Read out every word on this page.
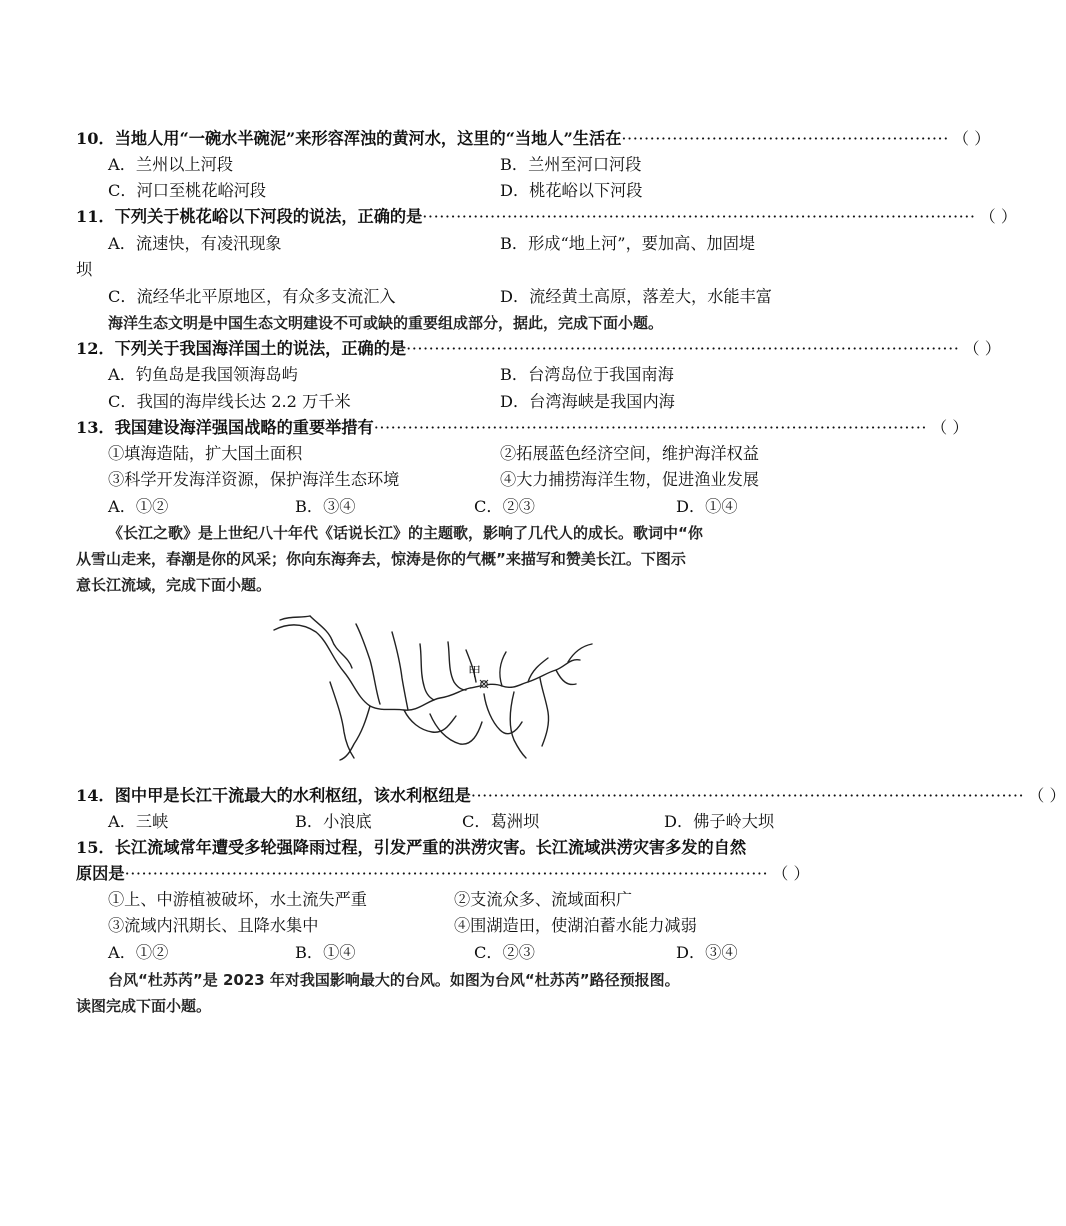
10．当地人用“一碗水半碗泥”来形容浑浊的黄河水，这里的“当地人”生活在 ·························································· （ ）
A．兰州以上河段	B．兰州至河口河段
C．河口至桃花峪河段	D．桃花峪以下河段
11．下列关于桃花峪以下河段的说法，正确的是 ·································································································· （ ）
A．流速快，有凌汛现象	B．形成“地上河”，要加高、加固堤
坝
C．流经华北平原地区，有众多支流汇入	D．流经黄土高原，落差大，水能丰富
海洋生态文明是中国生态文明建设不可或缺的重要组成部分，据此，完成下面小题。
12．下列关于我国海洋国土的说法，正确的是 ·································································································· （ ）
A．钓鱼岛是我国领海岛屿	B．台湾岛位于我国南海
C．我国的海岸线长达 2.2 万千米	D．台湾海峡是我国内海
13．我国建设海洋强国战略的重要举措有 ·································································································· （ ）
①填海造陆，扩大国土面积	②拓展蓝色经济空间，维护海洋权益
③科学开发海洋资源，保护海洋生态环境	④大力捕捞海洋生物，促进渔业发展
A．①②	B．③④	C．②③	D．①④
《长江之歌》是上世纪八十年代《话说长江》的主题歌，影响了几代人的成长。歌词中“你
从雪山走来，春潮是你的风采；你向东海奔去，惊涛是你的气概”来描写和赞美长江。下图示
意长江流域，完成下面小题。
甲
14．图中甲是长江干流最大的水利枢纽，该水利枢纽是 ·································································································· （ ）
A．三峡	B．小浪底	C．葛洲坝	D．佛子岭大坝
15．长江流域常年遭受多轮强降雨过程，引发严重的洪涝灾害。长江流域洪涝灾害多发的自然
原因是 ·················································································································· （ ）
①上、中游植被破坏，水土流失严重	②支流众多、流域面积广
③流域内汛期长、且降水集中	④围湖造田，使湖泊蓄水能力减弱
A．①②	B．①④	C．②③	D．③④
台风“杜苏芮”是 2023 年对我国影响最大的台风。如图为台风“杜苏芮”路径预报图。
读图完成下面小题。
